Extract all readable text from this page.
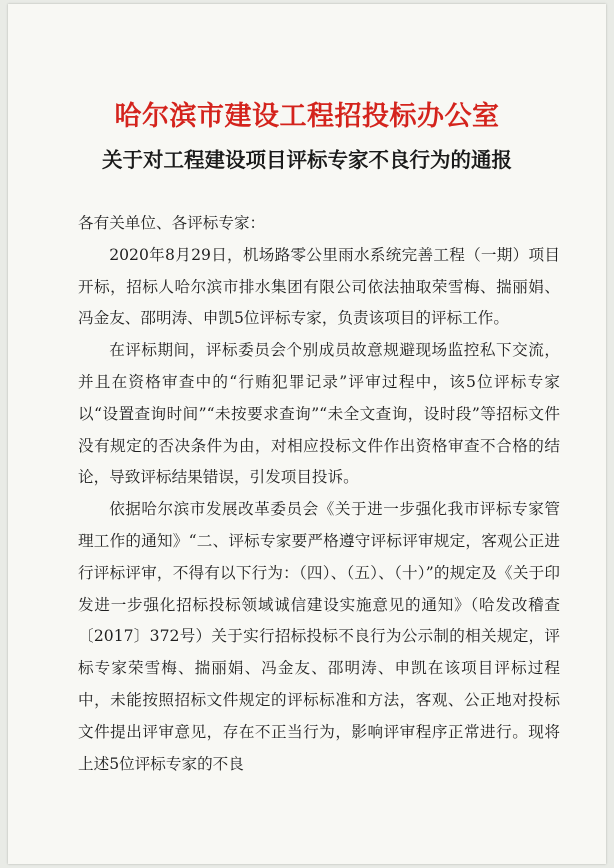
哈尔滨市建设工程招投标办公室
关于对工程建设项目评标专家不良行为的通报

各有关单位、各评标专家：

2020年8月29日，机场路零公里雨水系统完善工程（一期）项目开标，招标人哈尔滨市排水集团有限公司依法抽取荣雪梅、揣丽娟、冯金友、邵明涛、申凯5位评标专家，负责该项目的评标工作。

在评标期间，评标委员会个别成员故意规避现场监控私下交流，并且在资格审查中的“行贿犯罪记录”评审过程中，该5位评标专家以“设置查询时间”“未按要求查询”“未全文查询，设时段”等招标文件没有规定的否决条件为由，对相应投标文件作出资格审查不合格的结论，导致评标结果错误，引发项目投诉。

依据哈尔滨市发展改革委员会《关于进一步强化我市评标专家管理工作的通知》“二、评标专家要严格遵守评标评审规定，客观公正进行评标评审，不得有以下行为：（四）、（五）、（十）”的规定及《关于印发进一步强化招标投标领域诚信建设实施意见的通知》（哈发改稽查〔2017〕372号）关于实行招标投标不良行为公示制的相关规定，评标专家荣雪梅、揣丽娟、冯金友、邵明涛、申凯在该项目评标过程中，未能按照招标文件规定的评标标准和方法，客观、公正地对投标文件提出评审意见，存在不正当行为，影响评审程序正常进行。现将上述5位评标专家的不良
